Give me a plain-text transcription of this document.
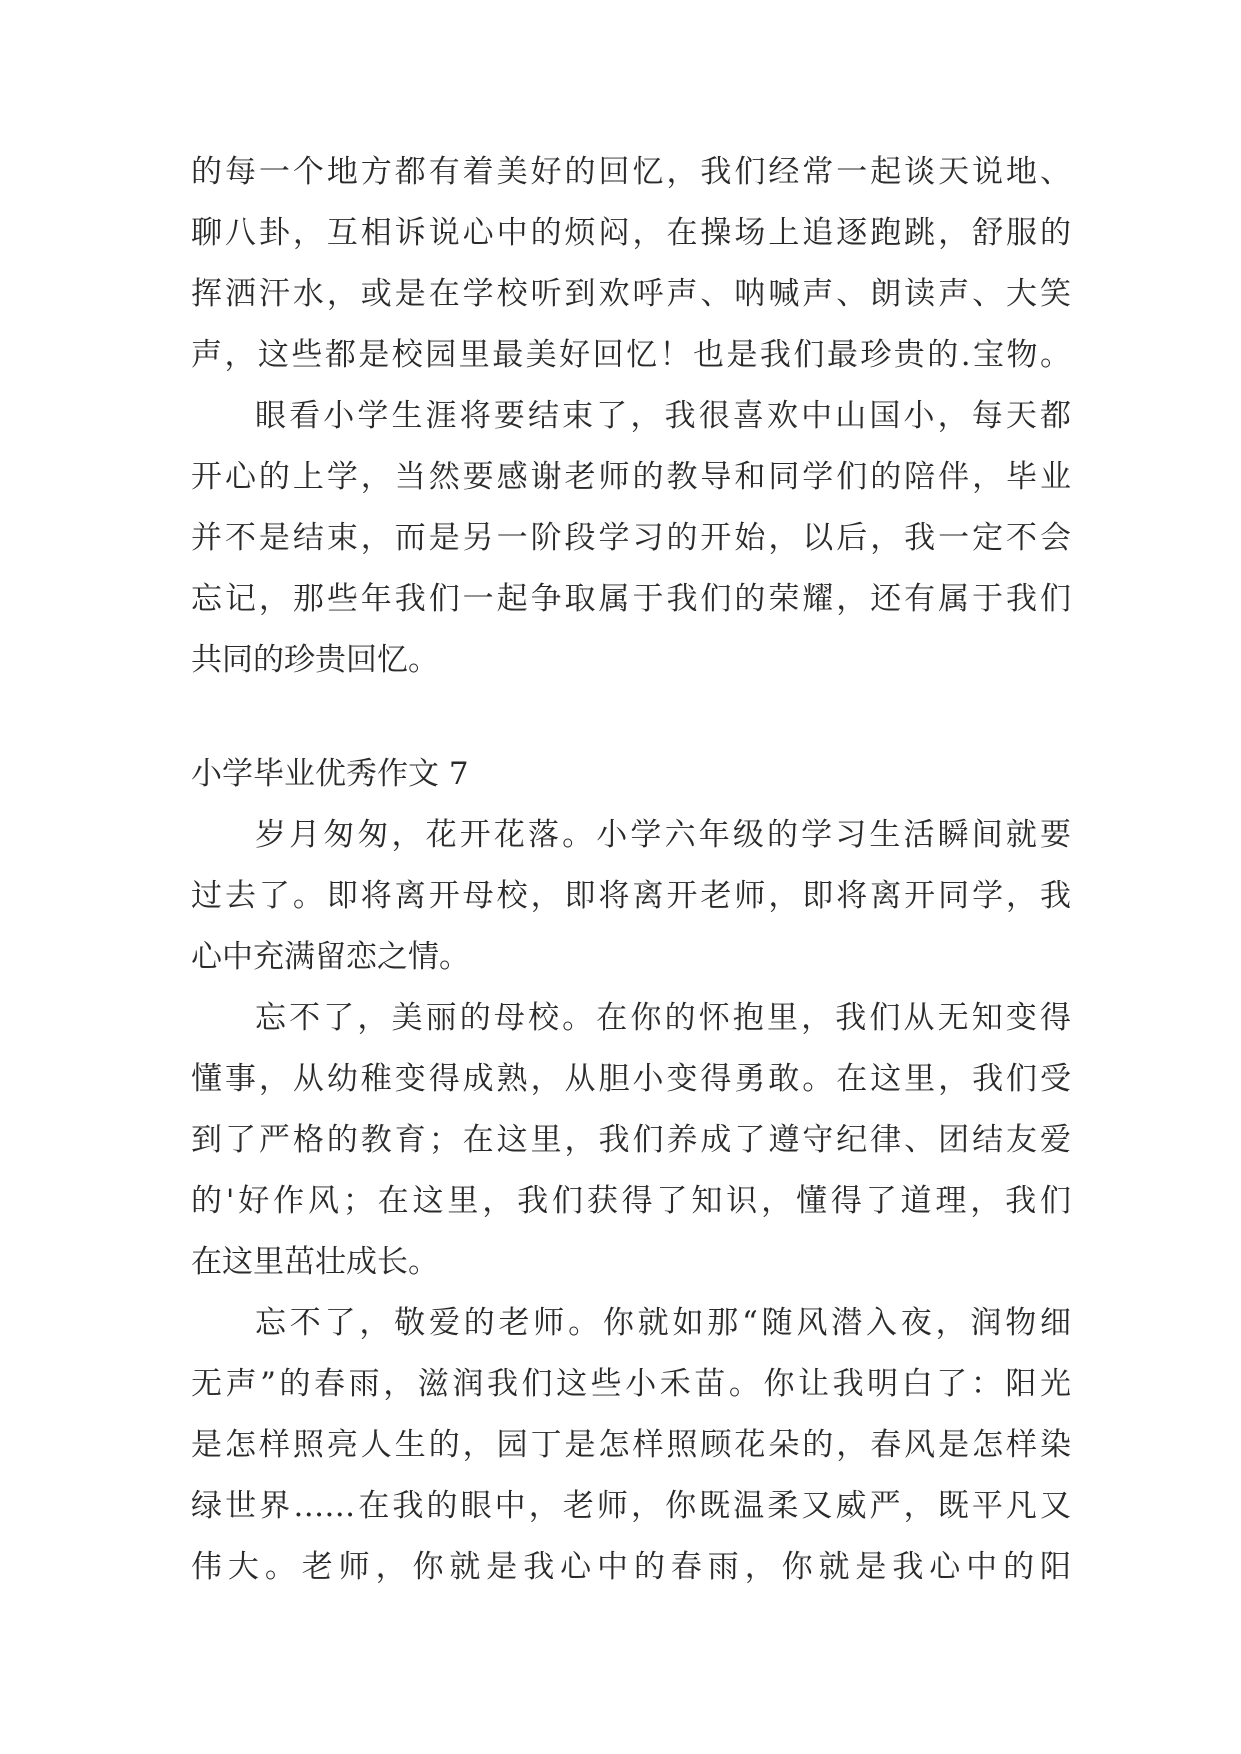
的每一个地方都有着美好的回忆，我们经常一起谈天说地、
聊八卦，互相诉说心中的烦闷，在操场上追逐跑跳，舒服的
挥洒汗水，或是在学校听到欢呼声、呐喊声、朗读声、大笑
声，这些都是校园里最美好回忆！也是我们最珍贵的.宝物。
眼看小学生涯将要结束了，我很喜欢中山国小，每天都
开心的上学，当然要感谢老师的教导和同学们的陪伴，毕业
并不是结束，而是另一阶段学习的开始，以后，我一定不会
忘记，那些年我们一起争取属于我们的荣耀，还有属于我们
共同的珍贵回忆。
小学毕业优秀作文 7
岁月匆匆，花开花落。小学六年级的学习生活瞬间就要
过去了。即将离开母校，即将离开老师，即将离开同学，我
心中充满留恋之情。
忘不了，美丽的母校。在你的怀抱里，我们从无知变得
懂事，从幼稚变得成熟，从胆小变得勇敢。在这里，我们受
到了严格的教育；在这里，我们养成了遵守纪律、团结友爱
的'好作风；在这里，我们获得了知识，懂得了道理，我们
在这里茁壮成长。
忘不了，敬爱的老师。你就如那“随风潜入夜，润物细
无声”的春雨，滋润我们这些小禾苗。你让我明白了：阳光
是怎样照亮人生的，园丁是怎样照顾花朵的，春风是怎样染
绿世界……在我的眼中，老师，你既温柔又威严，既平凡又
伟大。老师，你就是我心中的春雨，你就是我心中的阳
